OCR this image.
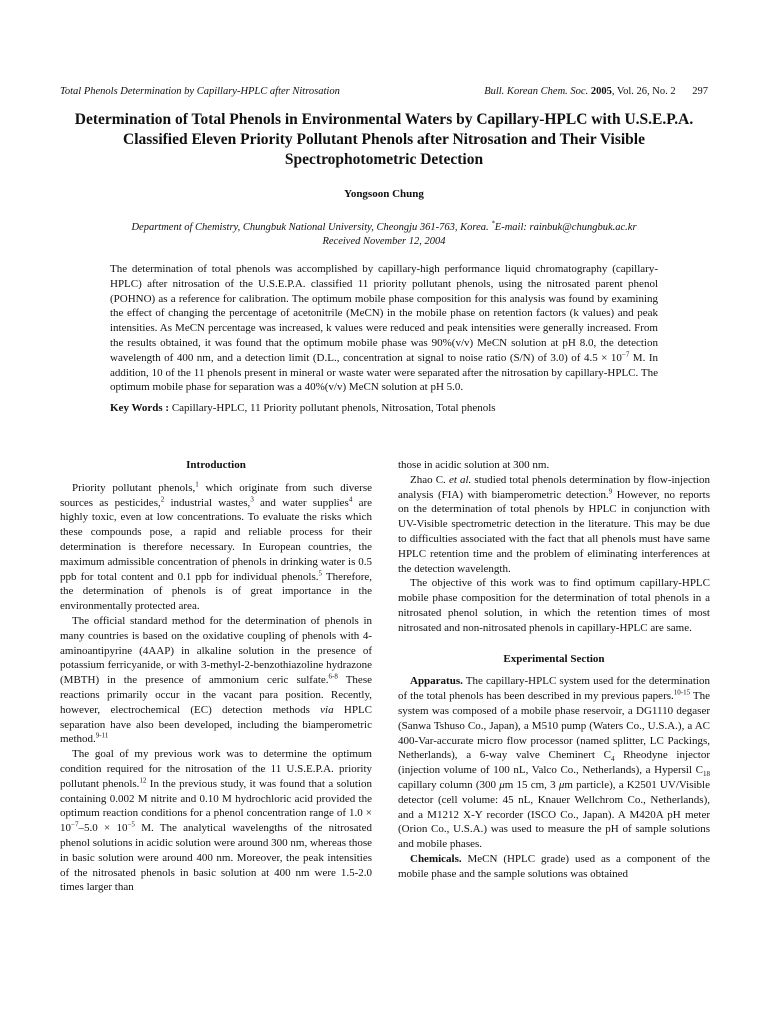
Total Phenols Determination by Capillary-HPLC after Nitrosation	Bull. Korean Chem. Soc. 2005, Vol. 26, No. 2 297
Determination of Total Phenols in Environmental Waters by Capillary-HPLC with U.S.E.P.A. Classified Eleven Priority Pollutant Phenols after Nitrosation and Their Visible Spectrophotometric Detection
Yongsoon Chung
Department of Chemistry, Chungbuk National University, Cheongju 361-763, Korea. *E-mail: rainbuk@chungbuk.ac.kr
Received November 12, 2004

The determination of total phenols was accomplished by capillary-high performance liquid chromatography (capillary-HPLC) after nitrosation of the U.S.E.P.A. classified 11 priority pollutant phenols, using the nitrosated parent phenol (POHNO) as a reference for calibration. The optimum mobile phase composition for this analysis was found by examining the effect of changing the percentage of acetonitrile (MeCN) in the mobile phase on retention factors (k values) and peak intensities. As MeCN percentage was increased, k values were reduced and peak intensities were generally increased. From the results obtained, it was found that the optimum mobile phase was 90%(v/v) MeCN solution at pH 8.0, the detection wavelength of 400 nm, and a detection limit (D.L., concentration at signal to noise ratio (S/N) of 3.0) of $4.5 \times 10^{-7}$ M. In addition, 10 of the 11 phenols present in mineral or waste water were separated after the nitrosation by capillary-HPLC. The optimum mobile phase for separation was a 40%(v/v) MeCN solution at pH 5.0.

Key Words : Capillary-HPLC, 11 Priority pollutant phenols, Nitrosation, Total phenols

Introduction

Priority pollutant phenols,$^1$ which originate from such diverse sources as pesticides,$^2$ industrial wastes,$^3$ and water supplies$^4$ are highly toxic, even at low concentrations. To evaluate the risks which these compounds pose, a rapid and reliable process for their determination is therefore necessary. In European countries, the maximum admissible concentration of phenols in drinking water is 0.5 ppb for total content and 0.1 ppb for individual phenols.$^5$ Therefore, the determination of phenols is of great importance in the environmentally protected area.

The official standard method for the determination of phenols in many countries is based on the oxidative coupling of phenols with 4-aminoantipyrine (4AAP) in alkaline solution in the presence of potassium ferricyanide, or with 3-methyl-2-benzothiazoline hydrazone (MBTH) in the presence of ammonium ceric sulfate.$^{6-8}$ These reactions primarily occur in the vacant para position. Recently, however, electrochemical (EC) detection methods via HPLC separation have also been developed, including the biamperometric method.$^{9-11}$

The goal of my previous work was to determine the optimum condition required for the nitrosation of the 11 U.S.E.P.A. priority pollutant phenols.$^{12}$ In the previous study, it was found that a solution containing 0.002 M nitrite and 0.10 M hydrochloric acid provided the optimum reaction conditions for a phenol concentration range of $1.0 \times 10^{-7}-5.0 \times 10^{-5}$ M. The analytical wavelengths of the nitrosated phenol solutions in acidic solution were around 300 nm, whereas those in basic solution were around 400 nm. Moreover, the peak intensities of the nitrosated phenols in basic solution at 400 nm were 1.5-2.0 times larger than

those in acidic solution at 300 nm.

Zhao C. et al. studied total phenols determination by flow-injection analysis (FIA) with biamperometric detection.$^9$ However, no reports on the determination of total phenols by HPLC in conjunction with UV-Visible spectrometric detection in the literature. This may be due to difficulties associated with the fact that all phenols must have same HPLC retention time and the problem of eliminating interferences at the detection wavelength.

The objective of this work was to find optimum capillary-HPLC mobile phase composition for the determination of total phenols in a nitrosated phenol solution, in which the retention times of most nitrosated and non-nitrosated phenols in capillary-HPLC are same.

Experimental Section

Apparatus. The capillary-HPLC system used for the determination of the total phenols has been described in my previous papers.$^{10-15}$ The system was composed of a mobile phase reservoir, a DG1110 degaser (Sanwa Tshuso Co., Japan), a M510 pump (Waters Co., U.S.A.), a AC 400-Var-accurate micro flow processor (named splitter, LC Packings, Netherlands), a 6-way valve Cheminert $C_4$ Rheodyne injector (injection volume of 100 nL, Valco Co., Netherlands), a Hypersil $C_{18}$ capillary column (300 μm 15 cm, 3 μm particle), a K2501 UV/Visible detector (cell volume: 45 nL, Knauer Wellchrom Co., Netherlands), and a M1212 X-Y recorder (ISCO Co., Japan). A M420A pH meter (Orion Co., U.S.A.) was used to measure the pH of sample solutions and mobile phases.

Chemicals. MeCN (HPLC grade) used as a component of the mobile phase and the sample solutions was obtained
